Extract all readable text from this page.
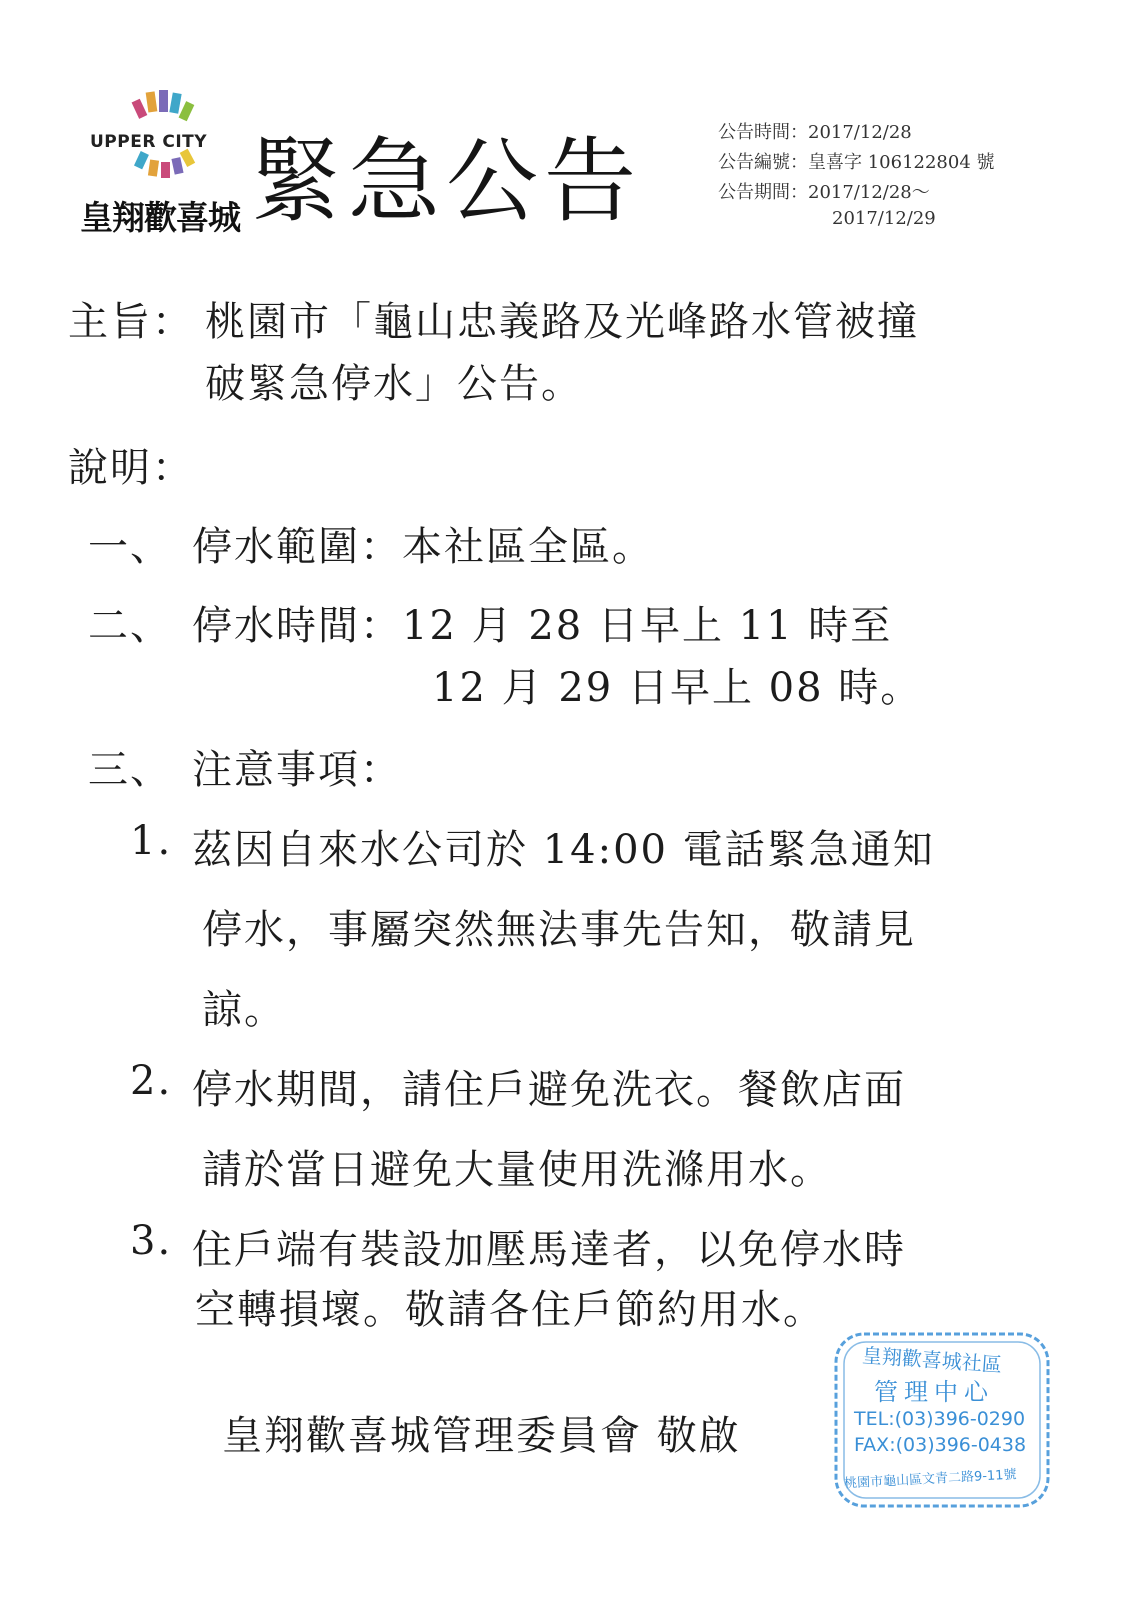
UPPER CITY
皇翔歡喜城 緊急公告	公告時間：2017/12/28
公告編號：皇喜字 106122804 號
公告期間：2017/12/28～
2017/12/29
主旨： 桃園市「龜山忠義路及光峰路水管被撞
破緊急停水」公告。
說明：
一、 停水範圍：本社區全區。
二、 停水時間：12 月 28 日早上 11 時至
12 月 29 日早上 08 時。
三、 注意事項：
1. 茲因自來水公司於 14:00 電話緊急通知
停水，事屬突然無法事先告知，敬請見
諒。
2. 停水期間，請住戶避免洗衣。餐飲店面
請於當日避免大量使用洗滌用水。
3. 住戶端有裝設加壓馬達者，以免停水時
空轉損壞。敬請各住戶節約用水。
皇翔歡喜城管理委員會 敬啟
皇翔歡喜城社區
管理中心
TEL:(03)396-0290
FAX:(03)396-0438
桃園市龜山區文青二路9-11號
